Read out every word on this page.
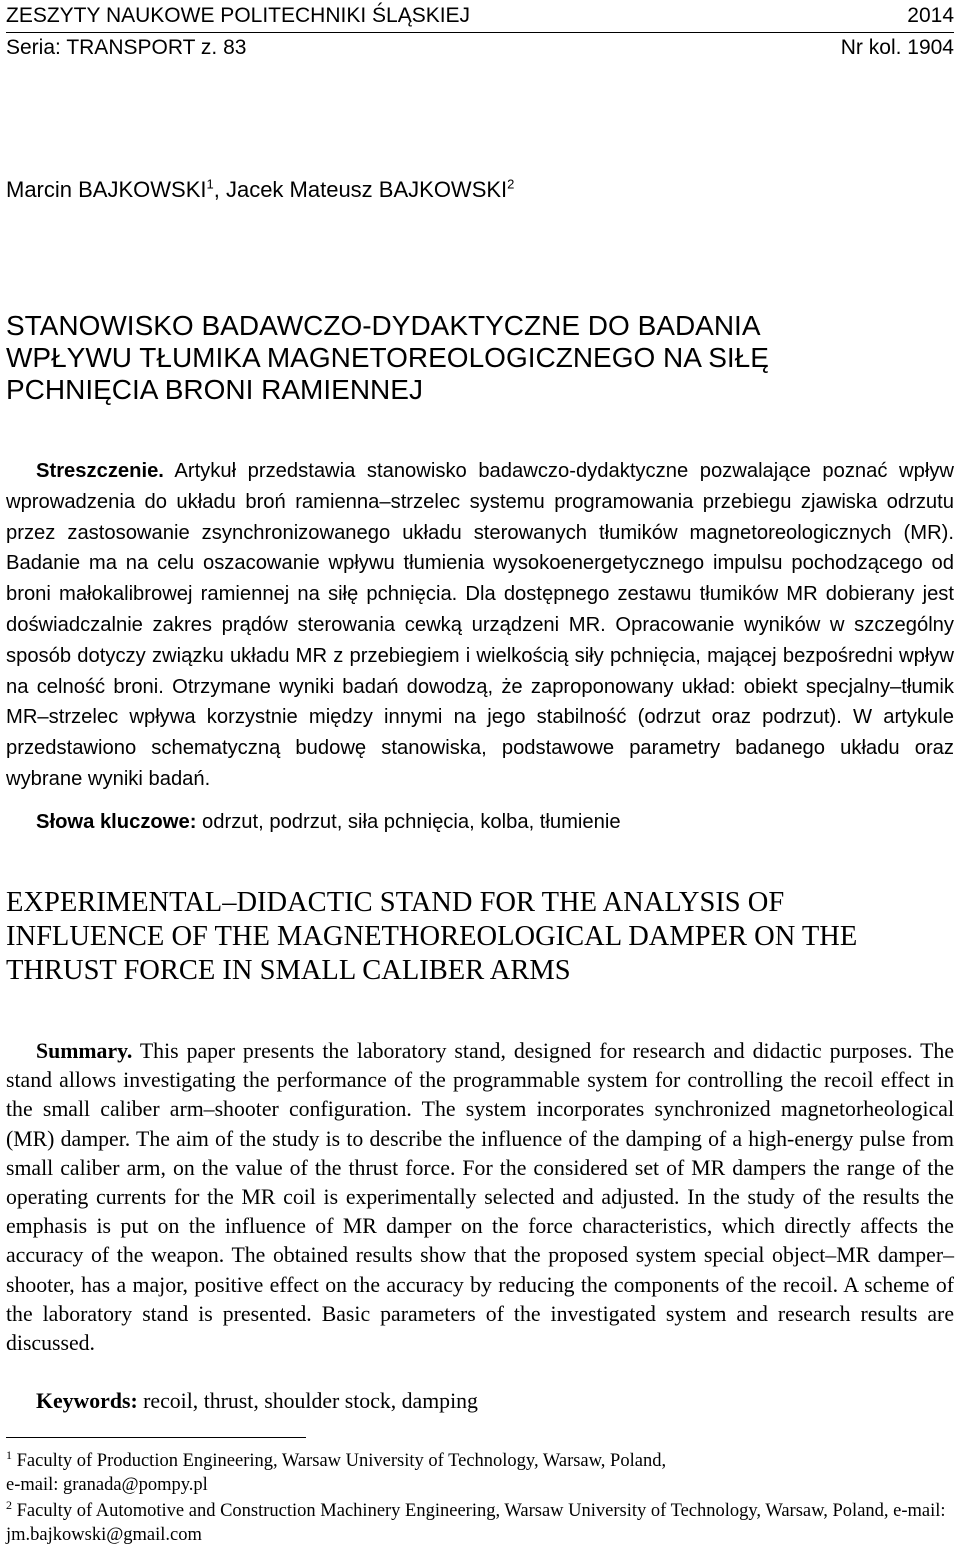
ZESZYTY NAUKOWE POLITECHNIKI ŚLĄSKIEJ	2014
Seria: TRANSPORT z. 83	Nr kol. 1904
Marcin BAJKOWSKI$^1$, Jacek Mateusz BAJKOWSKI$^2$
STANOWISKO BADAWCZO-DYDAKTYCZNE DO BADANIA
WPŁYWU TŁUMIKA MAGNETOREOLOGICZNEGO NA SIŁĘ
PCHNIĘCIA BRONI RAMIENNEJ
Streszczenie. Artykuł przedstawia stanowisko badawczo-dydaktyczne pozwalające poznać wpływ wprowadzenia do układu broń ramienna–strzelec systemu programowania przebiegu zjawiska odrzutu przez zastosowanie zsynchronizowanego układu sterowanych tłumików magnetoreologicznych (MR). Badanie ma na celu oszacowanie wpływu tłumienia wysokoenergetycznego impulsu pochodzącego od broni małokalibrowej ramiennej na siłę pchnięcia. Dla dostępnego zestawu tłumików MR dobierany jest doświadczalnie zakres prądów sterowania cewką urządzeni MR. Opracowanie wyników w szczególny sposób dotyczy związku układu MR z przebiegiem i wielkością siły pchnięcia, mającej bezpośredni wpływ na celność broni. Otrzymane wyniki badań dowodzą, że zaproponowany układ: obiekt specjalny–tłumik MR–strzelec wpływa korzystnie między innymi na jego stabilność (odrzut oraz podrzut). W artykule przedstawiono schematyczną budowę stanowiska, podstawowe parametry badanego układu oraz wybrane wyniki badań.
Słowa kluczowe: odrzut, podrzut, siła pchnięcia, kolba, tłumienie
EXPERIMENTAL–DIDACTIC STAND FOR THE ANALYSIS OF
INFLUENCE OF THE MAGNETHOREOLOGICAL DAMPER ON THE
THRUST FORCE IN SMALL CALIBER ARMS
Summary. This paper presents the laboratory stand, designed for research and didactic purposes. The stand allows investigating the performance of the programmable system for controlling the recoil effect in the small caliber arm–shooter configuration. The system incorporates synchronized magnetorheological (MR) damper. The aim of the study is to describe the influence of the damping of a high-energy pulse from small caliber arm, on the value of the thrust force. For the considered set of MR dampers the range of the operating currents for the MR coil is experimentally selected and adjusted. In the study of the results the emphasis is put on the influence of MR damper on the force characteristics, which directly affects the accuracy of the weapon. The obtained results show that the proposed system special object–MR damper–shooter, has a major, positive effect on the accuracy by reducing the components of the recoil. A scheme of the laboratory stand is presented. Basic parameters of the investigated system and research results are discussed.
Keywords: recoil, thrust, shoulder stock, damping
$^1$ Faculty of Production Engineering, Warsaw University of Technology, Warsaw, Poland,
e-mail: granada@pompy.pl
$^2$ Faculty of Automotive and Construction Machinery Engineering, Warsaw University of Technology, Warsaw, Poland, e-mail: jm.bajkowski@gmail.com
